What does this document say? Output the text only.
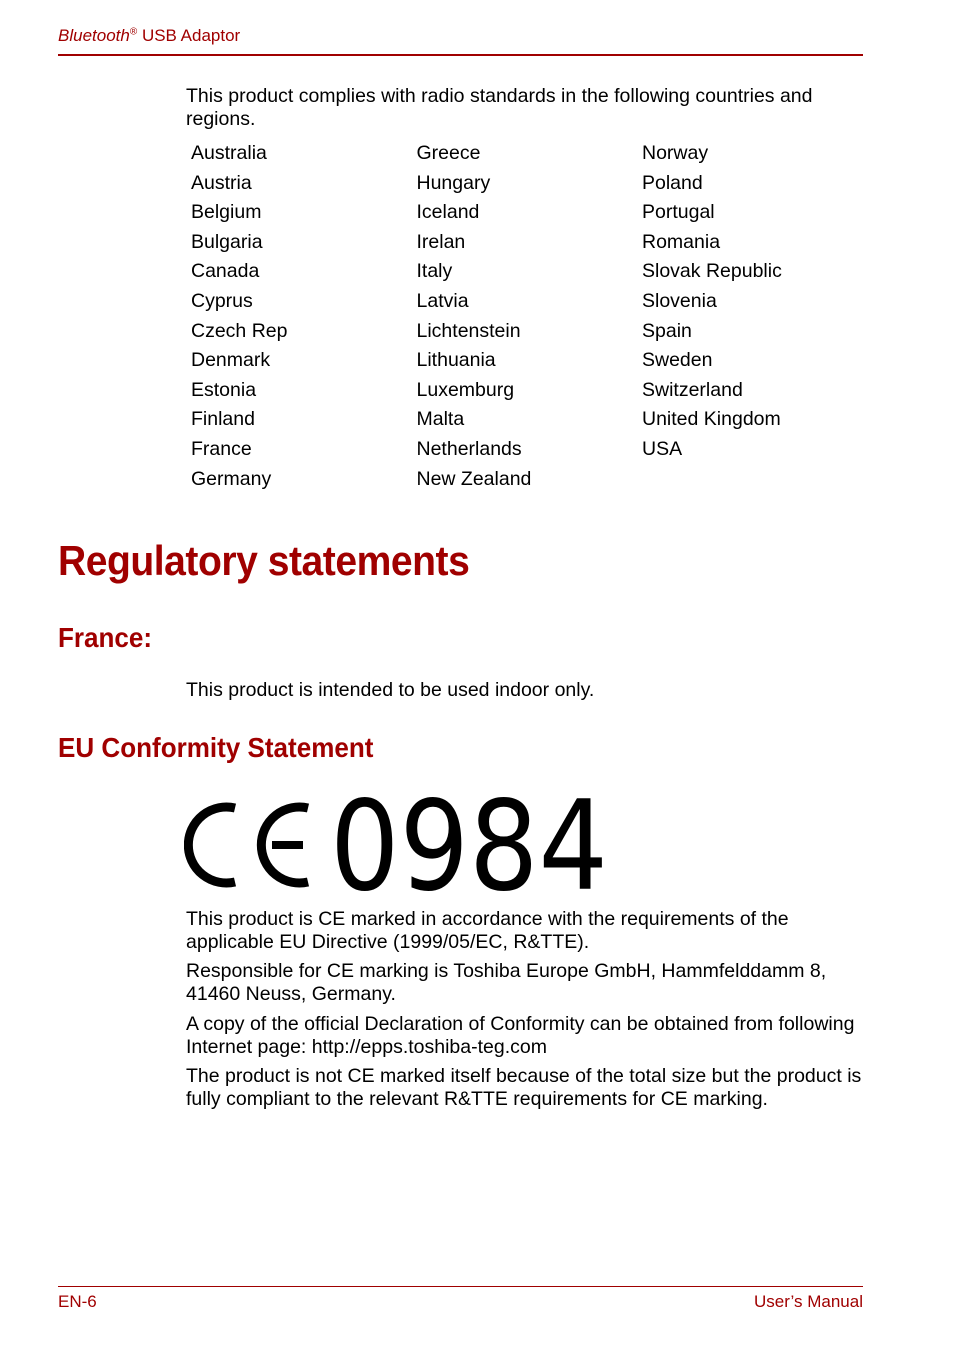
Bluetooth® USB Adaptor
This product complies with radio standards in the following countries and regions.
Australia
Austria
Belgium
Bulgaria
Canada
Cyprus
Czech Rep
Denmark
Estonia
Finland
France
Germany
Greece
Hungary
Iceland
Irelan
Italy
Latvia
Lichtenstein
Lithuania
Luxemburg
Malta
Netherlands
New Zealand
Norway
Poland
Portugal
Romania
Slovak Republic
Slovenia
Spain
Sweden
Switzerland
United Kingdom
USA
Regulatory statements
France:
This product is intended to be used indoor only.
EU Conformity Statement
0984
This product is CE marked in accordance with the requirements of the applicable EU Directive (1999/05/EC, R&TTE).
Responsible for CE marking is Toshiba Europe GmbH, Hammfelddamm 8, 41460 Neuss, Germany.
A copy of the official Declaration of Conformity can be obtained from following Internet page: http://epps.toshiba-teg.com
The product is not CE marked itself because of the total size but the product is fully compliant to the relevant R&TTE requirements for CE marking.
EN-6	User’s Manual
